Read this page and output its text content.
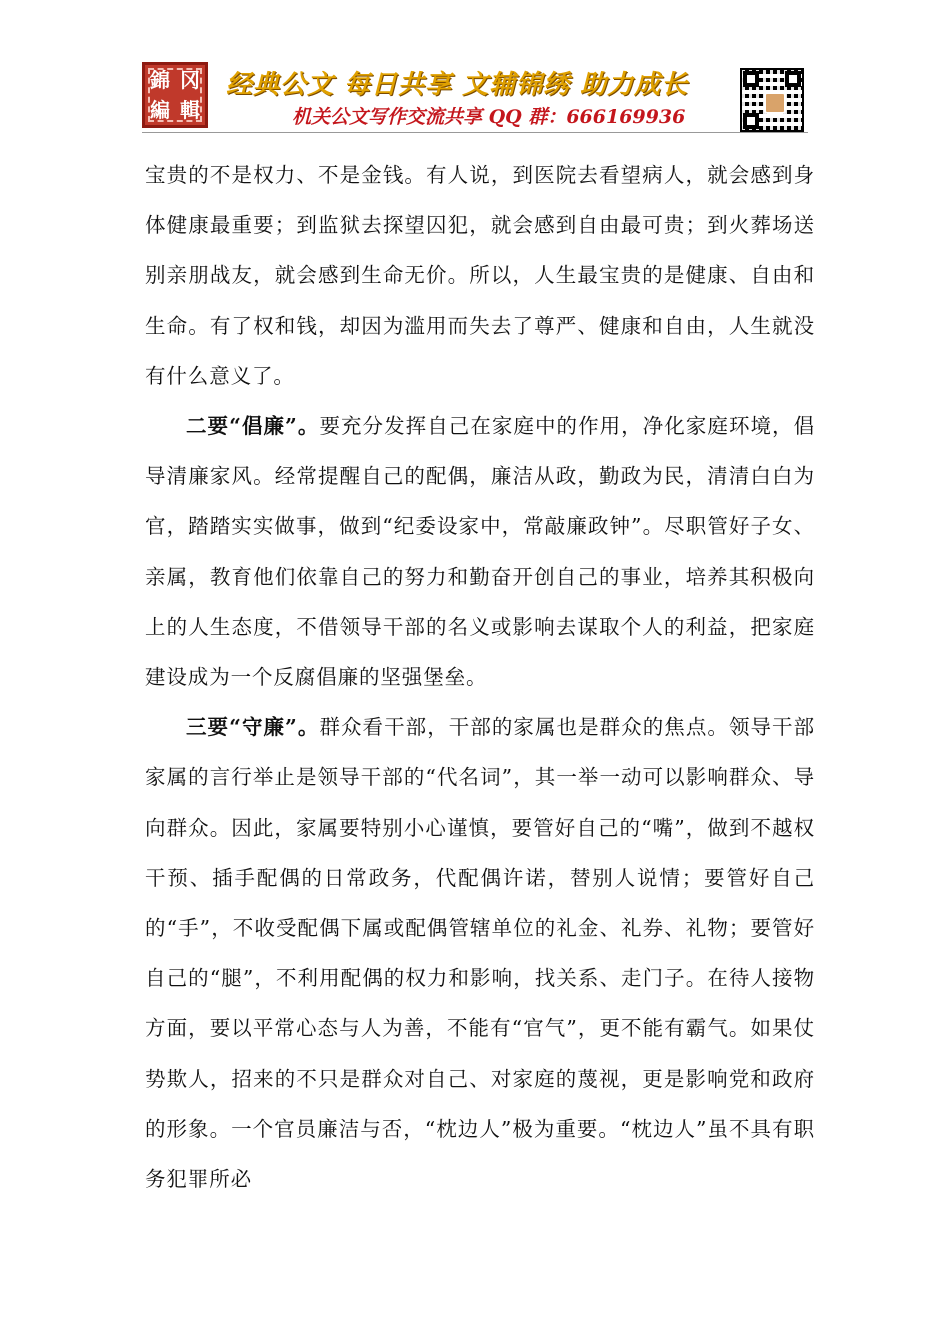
錦 冈
編 輯
经典公文 每日共享 文辅锦绣 助力成长
机关公文写作交流共享 QQ 群：666169936

宝贵的不是权力、不是金钱。有人说，到医院去看望病人，就会感到身体健康最重要；到监狱去探望囚犯，就会感到自由最可贵；到火葬场送别亲朋战友，就会感到生命无价。所以，人生最宝贵的是健康、自由和生命。有了权和钱，却因为滥用而失去了尊严、健康和自由，人生就没有什么意义了。

二要“倡廉”。要充分发挥自己在家庭中的作用，净化家庭环境，倡导清廉家风。经常提醒自己的配偶，廉洁从政，勤政为民，清清白白为官，踏踏实实做事，做到“纪委设家中，常敲廉政钟”。尽职管好子女、亲属，教育他们依靠自己的努力和勤奋开创自己的事业，培养其积极向上的人生态度，不借领导干部的名义或影响去谋取个人的利益，把家庭建设成为一个反腐倡廉的坚强堡垒。

三要“守廉”。群众看干部，干部的家属也是群众的焦点。领导干部家属的言行举止是领导干部的“代名词”，其一举一动可以影响群众、导向群众。因此，家属要特别小心谨慎，要管好自己的“嘴”，做到不越权干预、插手配偶的日常政务，代配偶许诺，替别人说情；要管好自己的“手”，不收受配偶下属或配偶管辖单位的礼金、礼券、礼物；要管好自己的“腿”，不利用配偶的权力和影响，找关系、走门子。在待人接物方面，要以平常心态与人为善，不能有“官气”，更不能有霸气。如果仗势欺人，招来的不只是群众对自己、对家庭的蔑视，更是影响党和政府的形象。一个官员廉洁与否，“枕边人”极为重要。“枕边人”虽不具有职务犯罪所必
